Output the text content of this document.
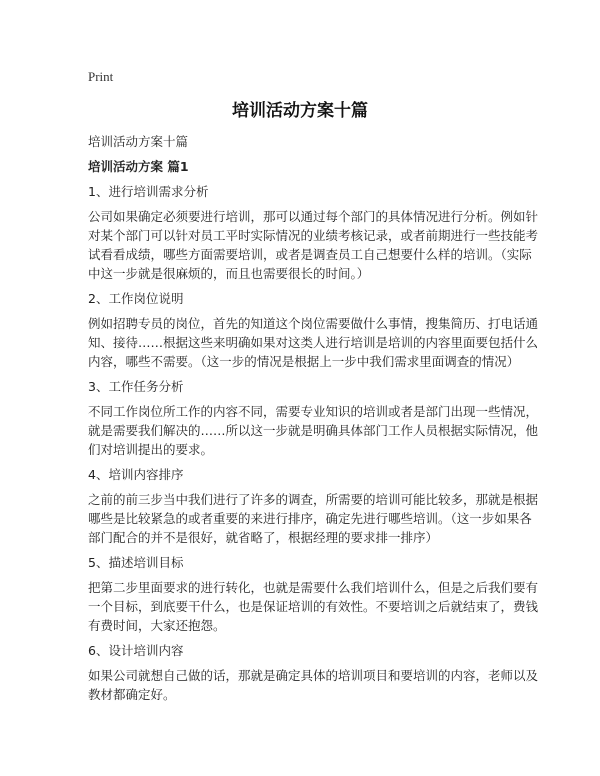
Print
培训活动方案十篇
培训活动方案十篇
培训活动方案 篇1
1、进行培训需求分析
公司如果确定必须要进行培训，那可以通过每个部门的具体情况进行分析。例如针
对某个部门可以针对员工平时实际情况的业绩考核记录，或者前期进行一些技能考
试看看成绩，哪些方面需要培训，或者是调查员工自己想要什么样的培训。（实际
中这一步就是很麻烦的，而且也需要很长的时间。）
2、工作岗位说明
例如招聘专员的岗位，首先的知道这个岗位需要做什么事情，搜集简历、打电话通
知、接待……根据这些来明确如果对这类人进行培训是培训的内容里面要包括什么
内容，哪些不需要。（这一步的情况是根据上一步中我们需求里面调查的情况）
3、工作任务分析
不同工作岗位所工作的内容不同，需要专业知识的培训或者是部门出现一些情况，
就是需要我们解决的……所以这一步就是明确具体部门工作人员根据实际情况，他
们对培训提出的要求。
4、培训内容排序
之前的前三步当中我们进行了许多的调查，所需要的培训可能比较多，那就是根据
哪些是比较紧急的或者重要的来进行排序，确定先进行哪些培训。（这一步如果各
部门配合的并不是很好，就省略了，根据经理的要求排一排序）
5、描述培训目标
把第二步里面要求的进行转化，也就是需要什么我们培训什么，但是之后我们要有
一个目标，到底要干什么，也是保证培训的有效性。不要培训之后就结束了，费钱
有费时间，大家还抱怨。
6、设计培训内容
如果公司就想自己做的话，那就是确定具体的培训项目和要培训的内容，老师以及
教材都确定好。
